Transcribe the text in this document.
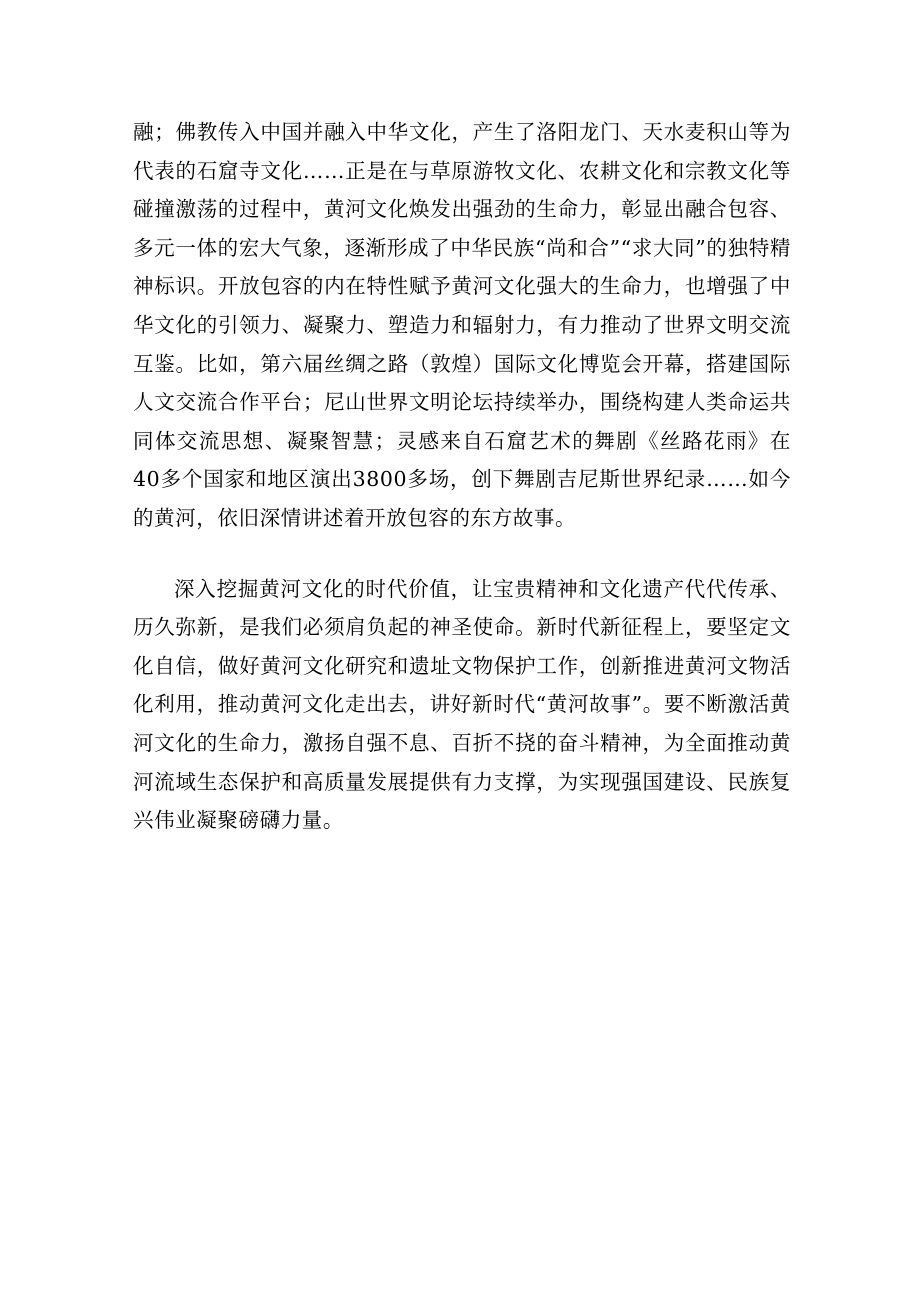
融；佛教传入中国并融入中华文化，产生了洛阳龙门、天水麦积山等为代表的石窟寺文化……正是在与草原游牧文化、农耕文化和宗教文化等碰撞激荡的过程中，黄河文化焕发出强劲的生命力，彰显出融合包容、多元一体的宏大气象，逐渐形成了中华民族“尚和合”“求大同”的独特精神标识。开放包容的内在特性赋予黄河文化强大的生命力，也增强了中华文化的引领力、凝聚力、塑造力和辐射力，有力推动了世界文明交流互鉴。比如，第六届丝绸之路（敦煌）国际文化博览会开幕，搭建国际人文交流合作平台；尼山世界文明论坛持续举办，围绕构建人类命运共同体交流思想、凝聚智慧；灵感来自石窟艺术的舞剧《丝路花雨》在40多个国家和地区演出3800多场，创下舞剧吉尼斯世界纪录……如今的黄河，依旧深情讲述着开放包容的东方故事。

深入挖掘黄河文化的时代价值，让宝贵精神和文化遗产代代传承、历久弥新，是我们必须肩负起的神圣使命。新时代新征程上，要坚定文化自信，做好黄河文化研究和遗址文物保护工作，创新推进黄河文物活化利用，推动黄河文化走出去，讲好新时代“黄河故事”。要不断激活黄河文化的生命力，激扬自强不息、百折不挠的奋斗精神，为全面推动黄河流域生态保护和高质量发展提供有力支撑，为实现强国建设、民族复兴伟业凝聚磅礴力量。
